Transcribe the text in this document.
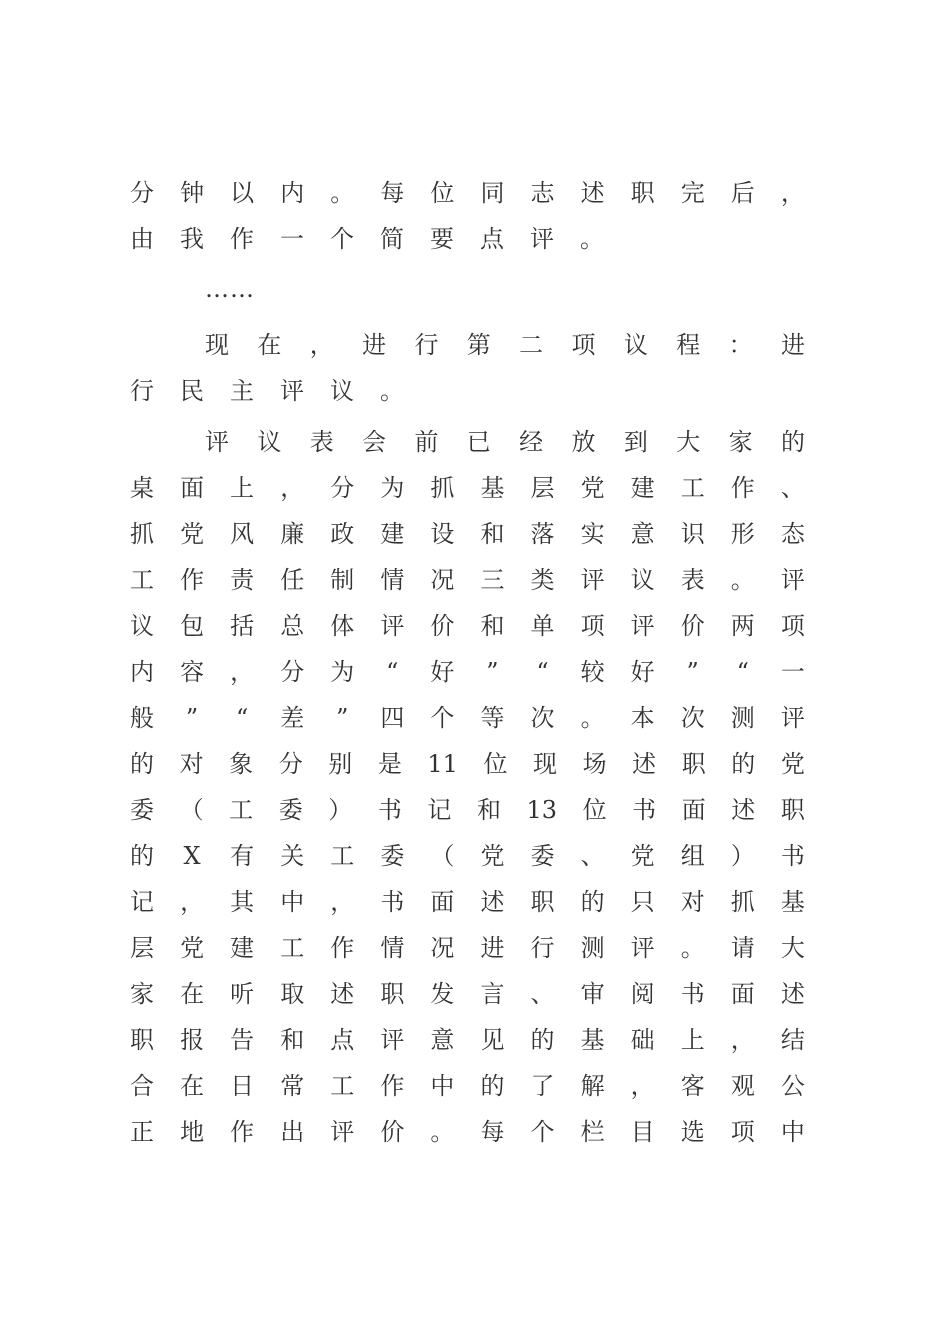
分 钟 以 内 。 每 位 同 志 述 职 完 后 ，
由 我 作 一 个 简 要 点 评 。
……
现 在 ， 进 行 第 二 项 议 程 ： 进
行 民 主 评 议 。
评 议 表 会 前 已 经 放 到 大 家 的
桌 面 上 ， 分 为 抓 基 层 党 建 工 作 、
抓 党 风 廉 政 建 设 和 落 实 意 识 形 态
工 作 责 任 制 情 况 三 类 评 议 表 。 评
议 包 括 总 体 评 价 和 单 项 评 价 两 项
内 容 ， 分 为 “ 好 ” “ 较 好 ” “ 一
般 ” “ 差 ” 四 个 等 次 。 本 次 测 评
的 对 象 分 别 是 11 位 现 场 述 职 的 党
委 （ 工 委 ） 书 记 和 13 位 书 面 述 职
的 X 有 关 工 委 （ 党 委 、 党 组 ） 书
记 ， 其 中 ， 书 面 述 职 的 只 对 抓 基
层 党 建 工 作 情 况 进 行 测 评 。 请 大
家 在 听 取 述 职 发 言 、 审 阅 书 面 述
职 报 告 和 点 评 意 见 的 基 础 上 ， 结
合 在 日 常 工 作 中 的 了 解 ， 客 观 公
正 地 作 出 评 价 。 每 个 栏 目 选 项 中
